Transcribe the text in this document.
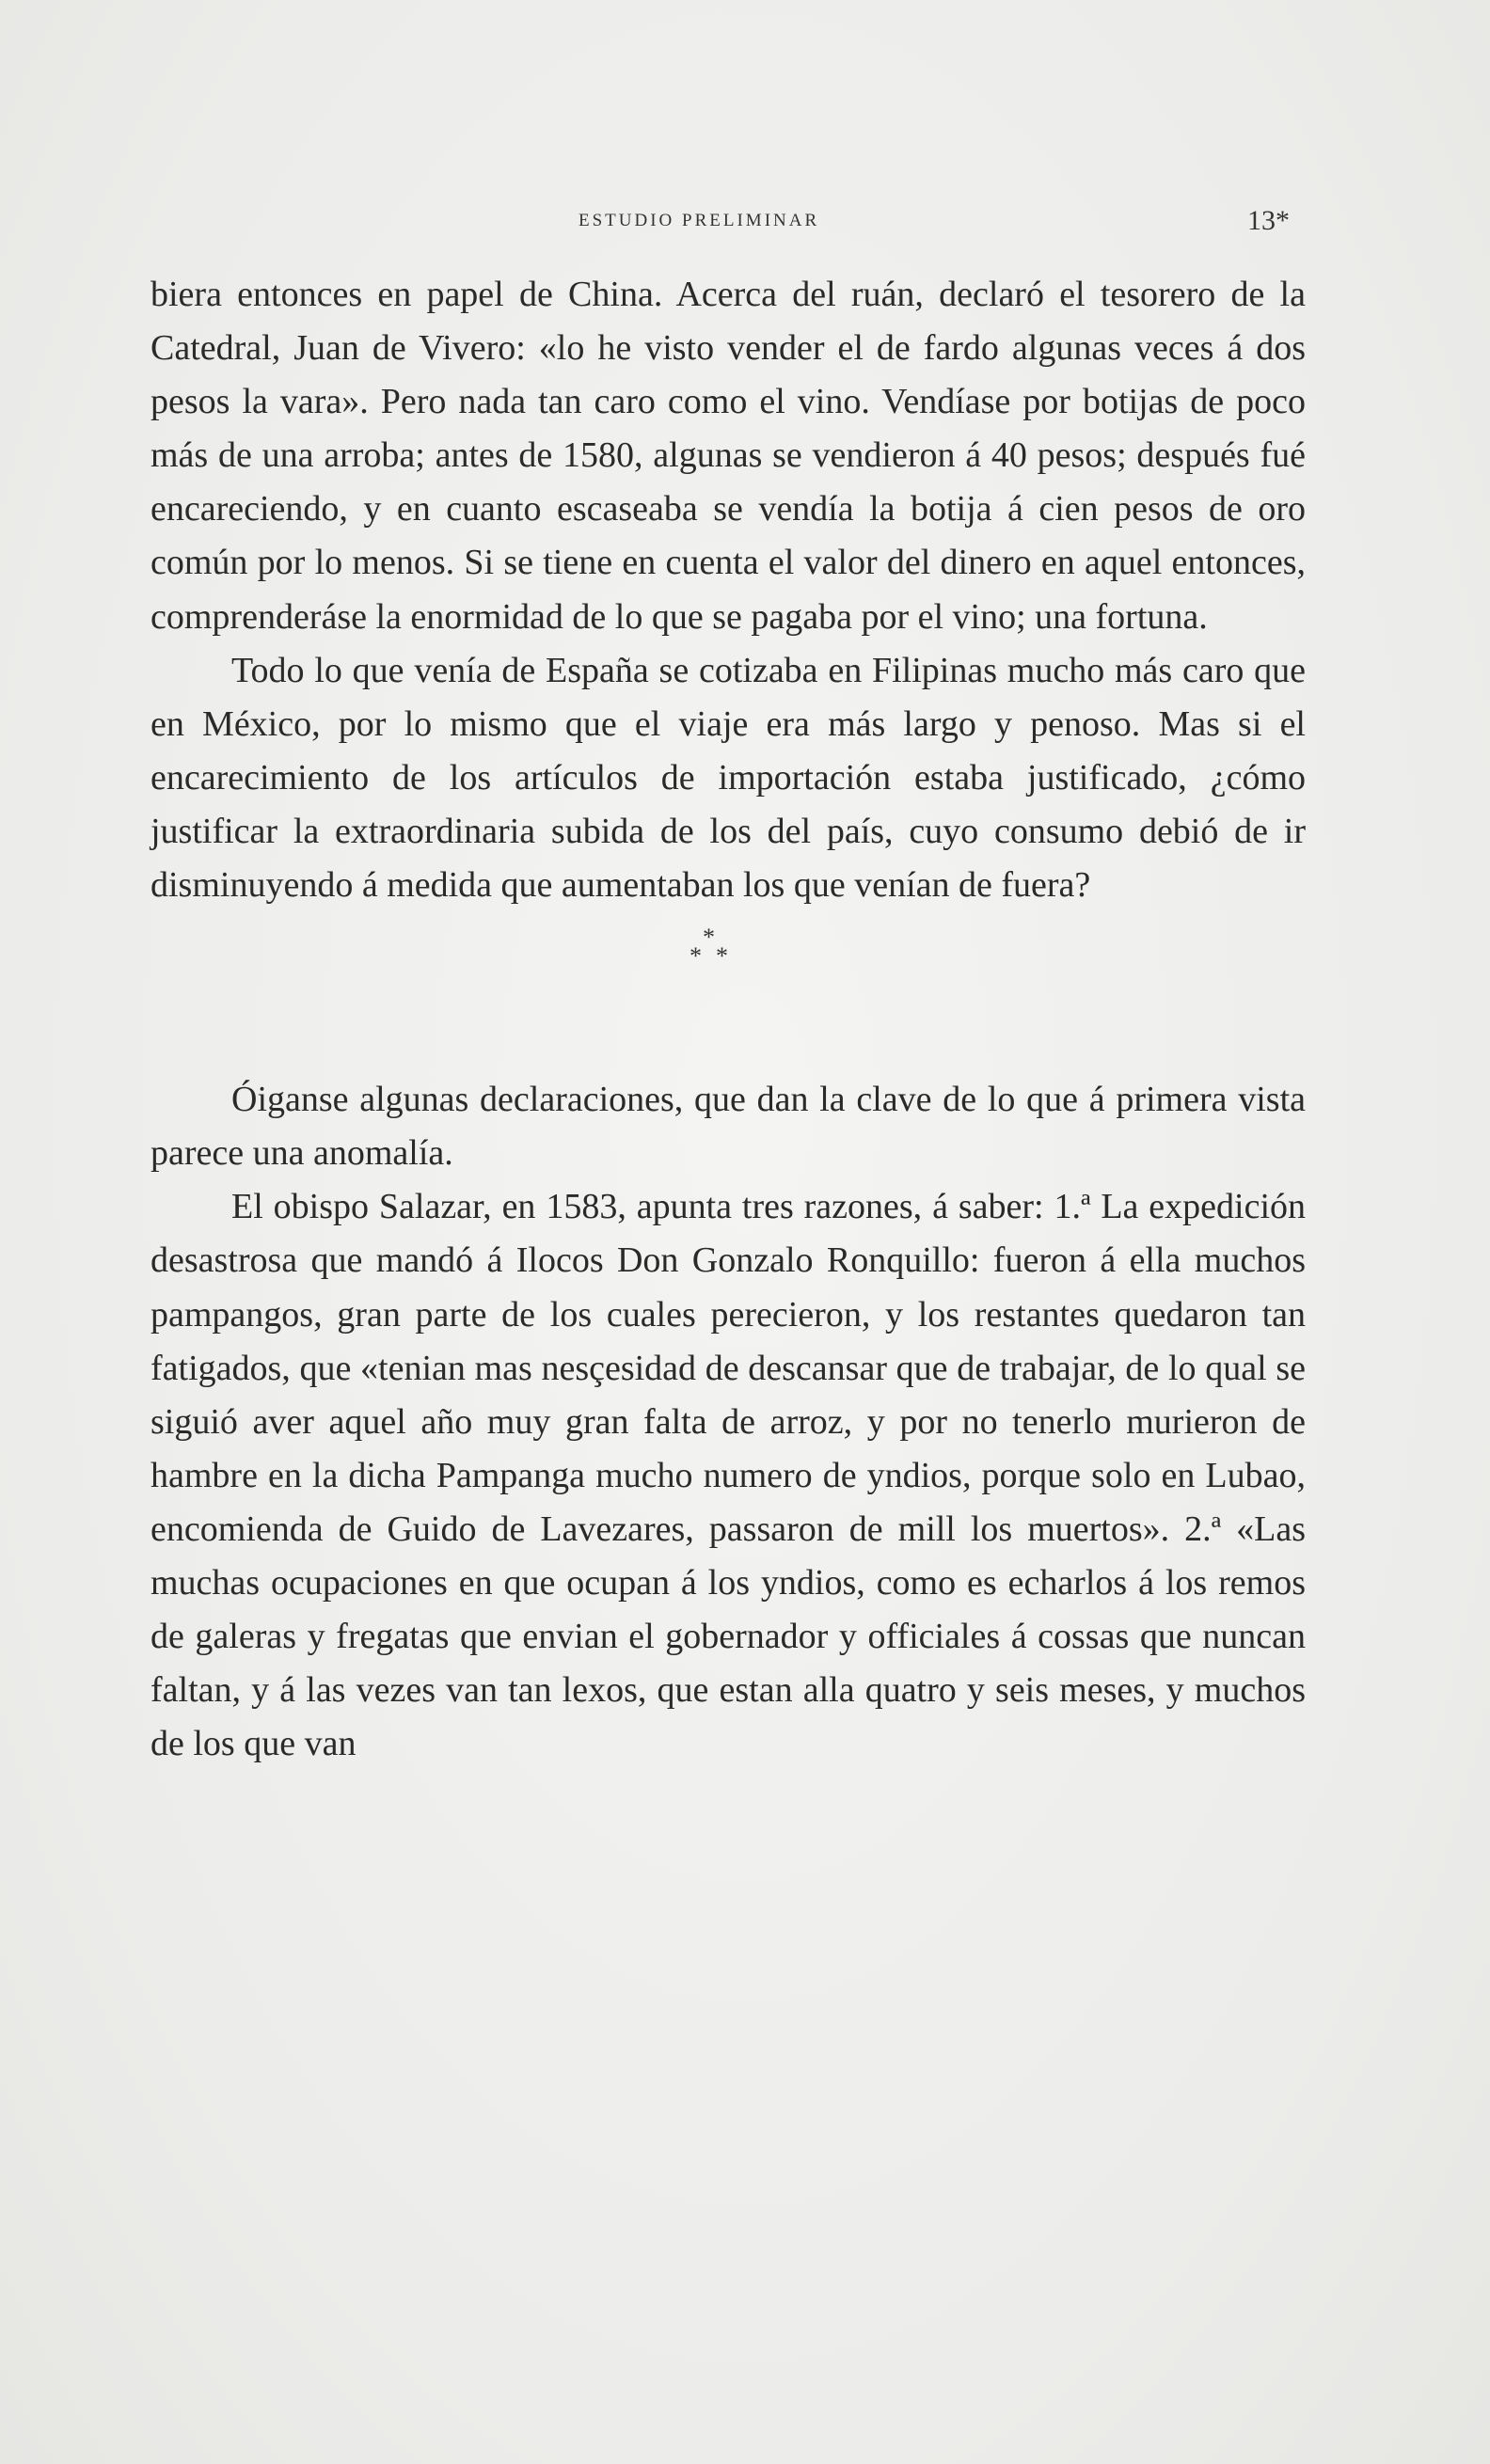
ESTUDIO PRELIMINAR	13*

biera entonces en papel de China. Acerca del ruán, declaró el tesorero de la Catedral, Juan de Vivero: «lo he visto vender el de fardo algunas veces á dos pesos la vara». Pero nada tan caro como el vino. Vendíase por botijas de poco más de una arroba; antes de 1580, algunas se vendieron á 40 pesos; después fué encareciendo, y en cuanto escaseaba se vendía la botija á cien pesos de oro común por lo menos. Si se tiene en cuenta el valor del dinero en aquel entonces, comprenderáse la enormidad de lo que se pagaba por el vino; una fortuna.

Todo lo que venía de España se cotizaba en Filipinas mucho más caro que en México, por lo mismo que el viaje era más largo y penoso. Mas si el encarecimiento de los artículos de importación estaba justificado, ¿cómo justificar la extraordinaria subida de los del país, cuyo consumo debió de ir disminuyendo á medida que aumentaban los que venían de fuera?

*
* *

Óiganse algunas declaraciones, que dan la clave de lo que á primera vista parece una anomalía.

El obispo Salazar, en 1583, apunta tres razones, á saber: 1.ª La expedición desastrosa que mandó á Ilocos Don Gonzalo Ronquillo: fueron á ella muchos pampangos, gran parte de los cuales perecieron, y los restantes quedaron tan fatigados, que «tenian mas nesçesidad de descansar que de trabajar, de lo qual se siguió aver aquel año muy gran falta de arroz, y por no tenerlo murieron de hambre en la dicha Pampanga mucho numero de yndios, porque solo en Lubao, encomienda de Guido de Lavezares, passaron de mill los muertos». 2.ª «Las muchas ocupaciones en que ocupan á los yndios, como es echarlos á los remos de galeras y fregatas que envian el gobernador y officiales á cossas que nuncan faltan, y á las vezes van tan lexos, que estan alla quatro y seis meses, y muchos de los que van
